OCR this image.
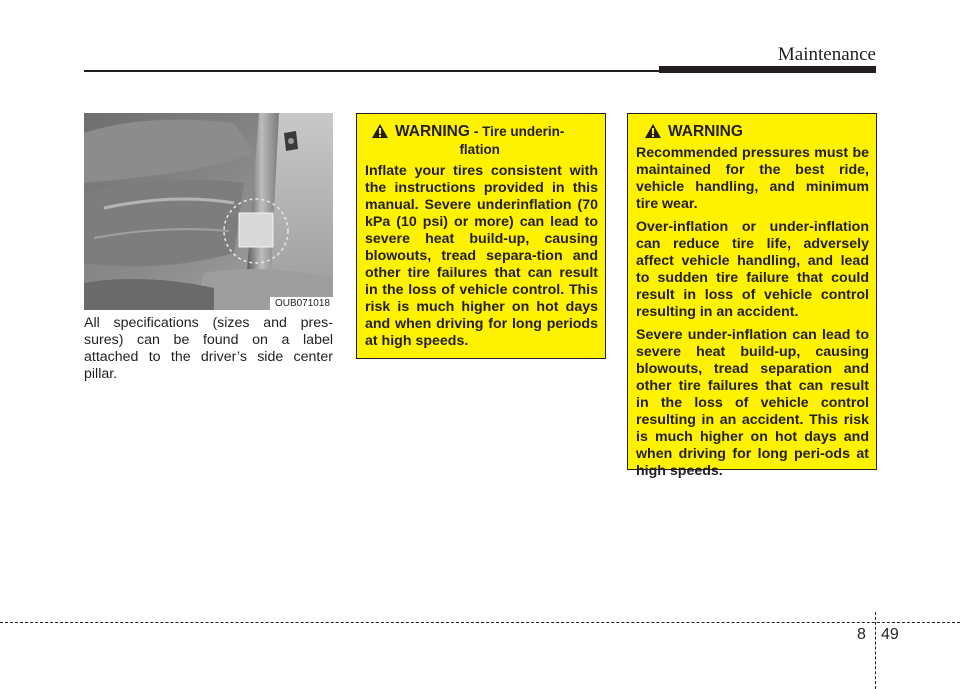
Maintenance
OUB071018
All specifications (sizes and pres-sures) can be found on a label attached to the driver’s side center pillar.
WARNING - Tire underin-
flation

Inflate your tires consistent with the instructions provided in this manual. Severe underinflation (70 kPa (10 psi) or more) can lead to severe heat build-up, causing blowouts, tread separa-tion and other tire failures that can result in the loss of vehicle control. This risk is much higher on hot days and when driving for long periods at high speeds.

WARNING

Recommended pressures must be maintained for the best ride, vehicle handling, and minimum tire wear.

Over-inflation or under-inflation can reduce tire life, adversely affect vehicle handling, and lead to sudden tire failure that could result in loss of vehicle control resulting in an accident.

Severe under-inflation can lead to severe heat build-up, causing blowouts, tread separation and other tire failures that can result in the loss of vehicle control resulting in an accident. This risk is much higher on hot days and when driving for long peri-ods at high speeds.

8 49
